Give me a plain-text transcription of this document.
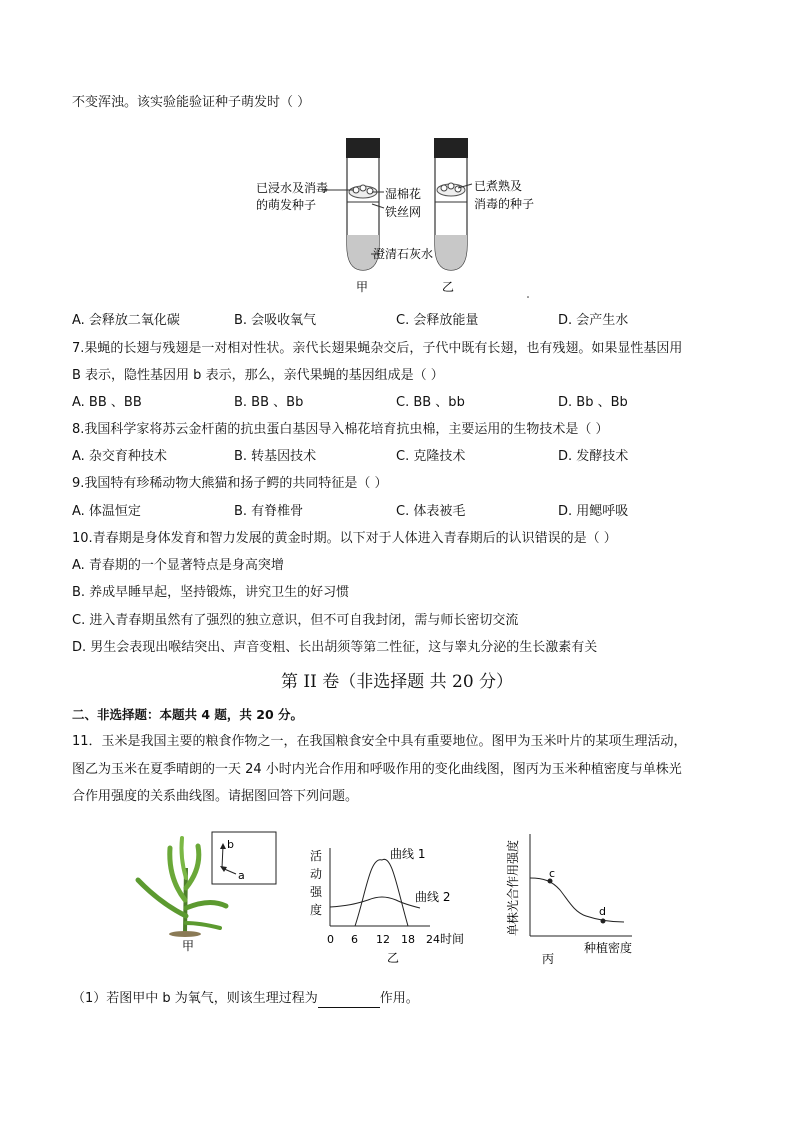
不变浑浊。该实验能验证种子萌发时（ ）
已浸水及消毒
的萌发种子
湿棉花
铁丝网
已煮熟及
消毒的种子
澄清石灰水
甲	乙
A. 会释放二氧化碳	B. 会吸收氧气	C. 会释放能量	D. 会产生水
7.果蝇的长翅与残翅是一对相对性状。亲代长翅果蝇杂交后，子代中既有长翅，也有残翅。如果显性基因用
B 表示，隐性基因用 b 表示，那么，亲代果蝇的基因组成是（ ）
A. BB 、BB	B. BB 、Bb	C. BB 、bb	D. Bb 、Bb
8.我国科学家将苏云金杆菌的抗虫蛋白基因导入棉花培育抗虫棉，主要运用的生物技术是（ ）
A. 杂交育种技术	B. 转基因技术	C. 克隆技术	D. 发酵技术
9.我国特有珍稀动物大熊猫和扬子鳄的共同特征是（ ）
A. 体温恒定	B. 有脊椎骨	C. 体表被毛	D. 用鳃呼吸
10.青春期是身体发育和智力发展的黄金时期。以下对于人体进入青春期后的认识错误的是（ ）
A. 青春期的一个显著特点是身高突增
B. 养成早睡早起，坚持锻炼，讲究卫生的好习惯
C. 进入青春期虽然有了强烈的独立意识，但不可自我封闭，需与师长密切交流
D. 男生会表现出喉结突出、声音变粗、长出胡须等第二性征，这与睾丸分泌的生长激素有关
第 II 卷（非选择题 共 20 分）
二、非选择题：本题共 4 题，共 20 分。
11．玉米是我国主要的粮食作物之一，在我国粮食安全中具有重要地位。图甲为玉米叶片的某项生理活动，
图乙为玉米在夏季晴朗的一天 24 小时内光合作用和呼吸作用的变化曲线图，图丙为玉米种植密度与单株光
合作用强度的关系曲线图。请据图回答下列问题。
b
a
甲
活
动
强
度
曲线 1
曲线 2
0 6 12 18 24 时间
乙
单株光合作用强度	c
d
种植密度
丙
（1）若图甲中 b 为氧气，则该生理过程为	作用。
